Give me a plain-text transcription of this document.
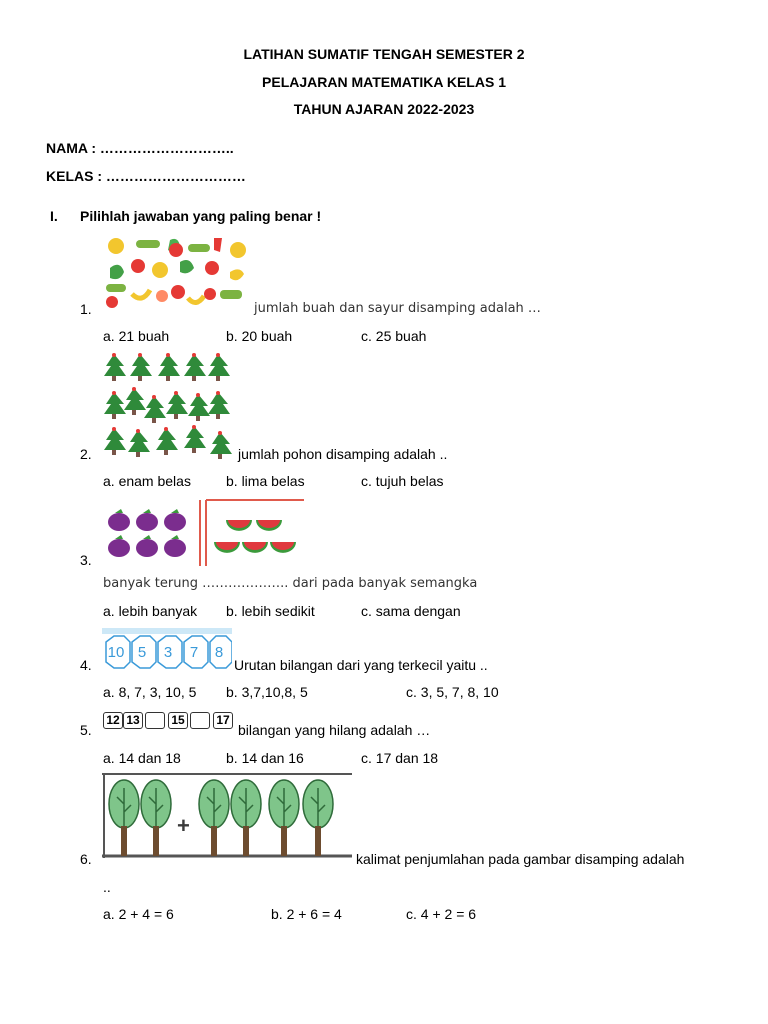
LATIHAN SUMATIF TENGAH SEMESTER 2
PELAJARAN MATEMATIKA KELAS 1
TAHUN AJARAN 2022-2023
NAMA : ………………………..
KELAS : …………………………
I. Pilihlah jawaban yang paling benar !
1.	jumlah buah dan sayur disamping adalah …
a. 21 buah	b. 20 buah	c. 25 buah
2.	jumlah pohon disamping adalah ..
a. enam belas	b. lima belas	c. tujuh belas
3.
banyak terung ……………….. dari pada banyak semangka
a. lebih banyak b. lebih sedikit	c. sama dengan
10 5	3	7	8
4.	Urutan bilangan dari yang terkecil yaitu ..
a. 8, 7, 3, 10, 5 b. 3,7,10,8, 5	c. 3, 5, 7, 8, 10
12 13	15	17
5.	bilangan yang hilang adalah …
a. 14 dan 18	b. 14 dan 16	c. 17 dan 18
+
6.	kalimat penjumlahan pada gambar disamping adalah
..
a. 2 + 4 = 6	b. 2 + 6 = 4	c. 4 + 2 = 6
